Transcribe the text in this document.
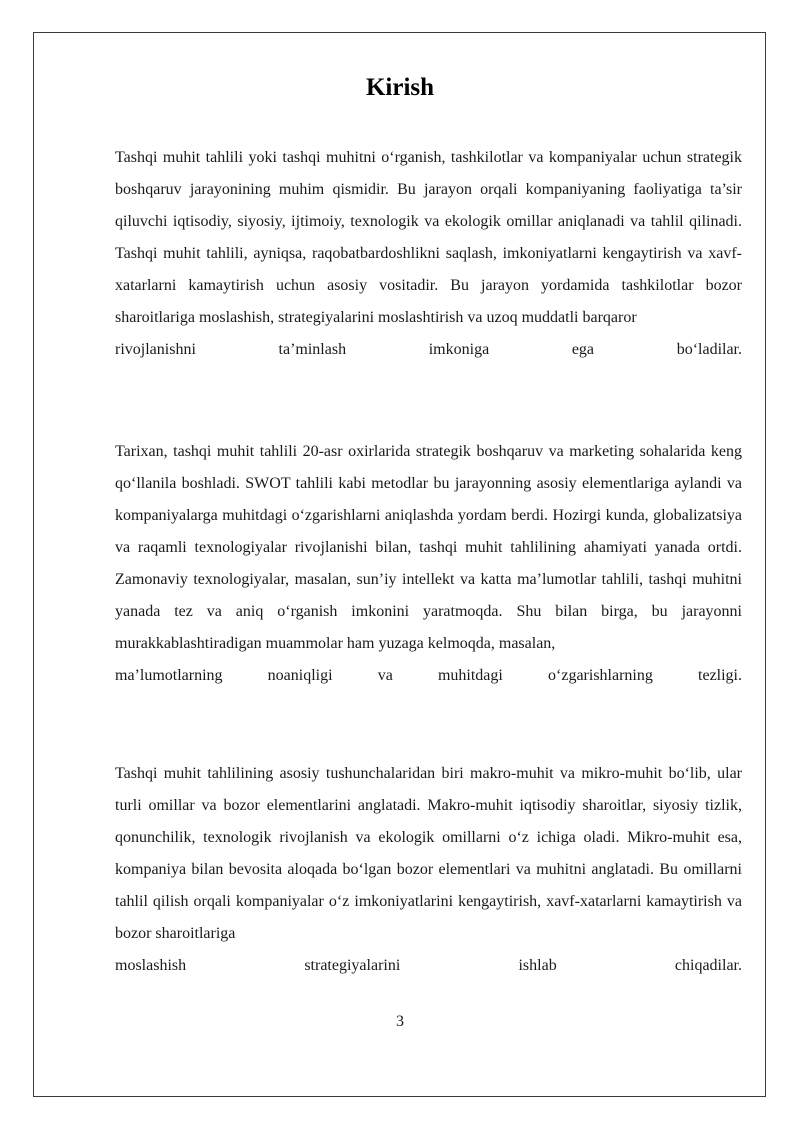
Kirish
Tashqi muhit tahlili yoki tashqi muhitni o‘rganish, tashkilotlar va kompaniyalar uchun strategik boshqaruv jarayonining muhim qismidir. Bu jarayon orqali kompaniyaning faoliyatiga ta’sir qiluvchi iqtisodiy, siyosiy, ijtimoiy, texnologik va ekologik omillar aniqlanadi va tahlil qilinadi. Tashqi muhit tahlili, ayniqsa, raqobatbardoshlikni saqlash, imkoniyatlarni kengaytirish va xavf-xatarlarni kamaytirish uchun asosiy vositadir. Bu jarayon yordamida tashkilotlar bozor sharoitlariga moslashish, strategiyalarini moslashtirish va uzoq muddatli barqaror
rivojlanishni ta’minlash imkoniga ega bo‘ladilar.
Tarixan, tashqi muhit tahlili 20-asr oxirlarida strategik boshqaruv va marketing sohalarida keng qo‘llanila boshladi. SWOT tahlili kabi metodlar bu jarayonning asosiy elementlariga aylandi va kompaniyalarga muhitdagi o‘zgarishlarni aniqlashda yordam berdi. Hozirgi kunda, globalizatsiya va raqamli texnologiyalar rivojlanishi bilan, tashqi muhit tahlilining ahamiyati yanada ortdi. Zamonaviy texnologiyalar, masalan, sun’iy intellekt va katta ma’lumotlar tahlili, tashqi muhitni yanada tez va aniq o‘rganish imkonini yaratmoqda. Shu bilan birga, bu jarayonni murakkablashtiradigan muammolar ham yuzaga kelmoqda, masalan,
ma’lumotlarning noaniqligi va muhitdagi o‘zgarishlarning tezligi.
Tashqi muhit tahlilining asosiy tushunchalaridan biri makro-muhit va mikro-muhit bo‘lib, ular turli omillar va bozor elementlarini anglatadi. Makro-muhit iqtisodiy sharoitlar, siyosiy tizlik, qonunchilik, texnologik rivojlanish va ekologik omillarni o‘z ichiga oladi. Mikro-muhit esa, kompaniya bilan bevosita aloqada bo‘lgan bozor elementlari va muhitni anglatadi. Bu omillarni tahlil qilish orqali kompaniyalar o‘z imkoniyatlarini kengaytirish, xavf-xatarlarni kamaytirish va bozor sharoitlariga
moslashish strategiyalarini ishlab chiqadilar.
3
